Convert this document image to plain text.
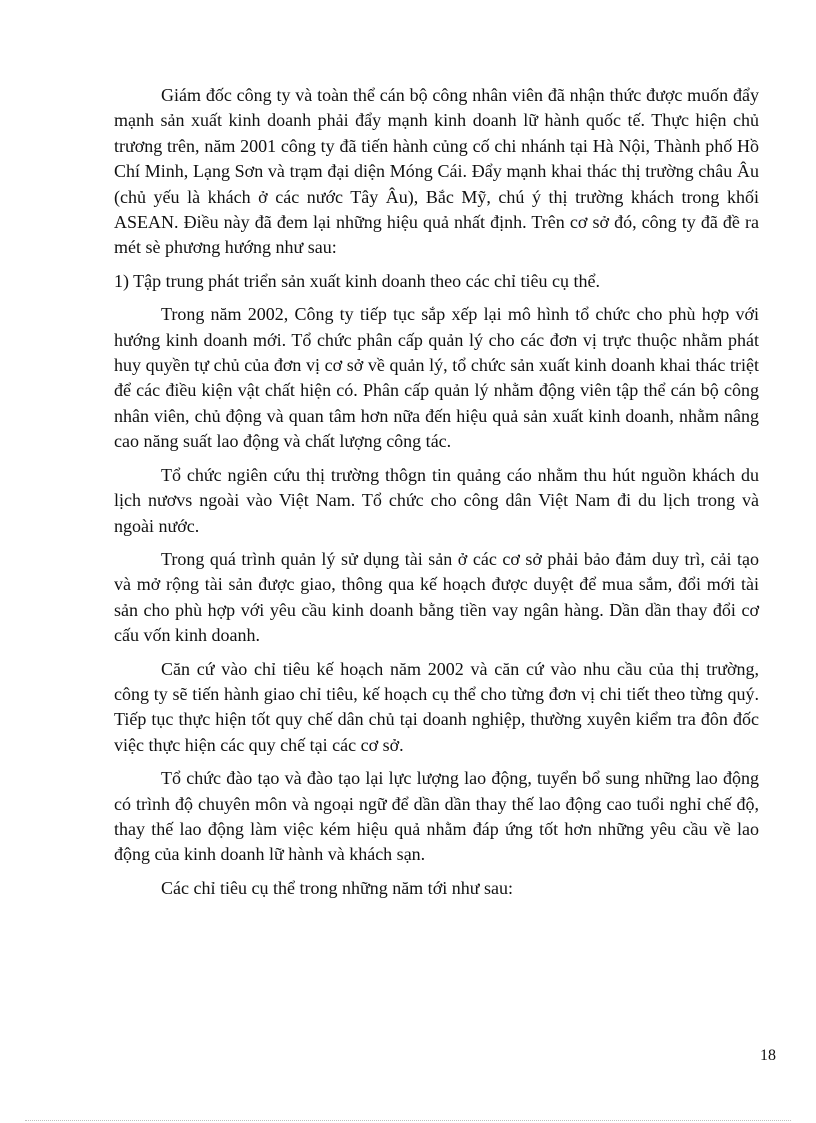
Giám đốc công ty và toàn thể cán bộ công nhân viên đã nhận thức được muốn đẩy mạnh sản xuất kinh doanh phải đẩy mạnh kinh doanh lữ hành quốc tế. Thực hiện chủ trương trên, năm 2001 công ty đã tiến hành củng cố chi nhánh tại Hà Nội, Thành phố Hồ Chí Minh, Lạng Sơn và trạm đại diện Móng Cái. Đẩy mạnh khai thác thị trường châu Âu (chủ yếu là khách ở các nước Tây Âu), Bắc Mỹ, chú ý thị trường khách trong khối ASEAN. Điều này đã đem lại những hiệu quả nhất định. Trên cơ sở đó, công ty đã đề ra mét sè phương hướng như sau:

1) Tập trung phát triển sản xuất kinh doanh theo các chỉ tiêu cụ thể.

Trong năm 2002, Công ty tiếp tục sắp xếp lại mô hình tổ chức cho phù hợp với hướng kinh doanh mới. Tổ chức phân cấp quản lý cho các đơn vị trực thuộc nhằm phát huy quyền tự chủ của đơn vị cơ sở về quản lý, tổ chức sản xuất kinh doanh khai thác triệt để các điều kiện vật chất hiện có. Phân cấp quản lý nhằm động viên tập thể cán bộ công nhân viên, chủ động và quan tâm hơn nữa đến hiệu quả sản xuất kinh doanh, nhằm nâng cao năng suất lao động và chất lượng công tác.

Tổ chức ngiên cứu thị trường thôgn tin quảng cáo nhằm thu hút nguồn khách du lịch nươvs ngoài vào Việt Nam. Tổ chức cho công dân Việt Nam đi du lịch trong và ngoài nước.

Trong quá trình quản lý sử dụng tài sản ở các cơ sở phải bảo đảm duy trì, cải tạo và mở rộng tài sản được giao, thông qua kế hoạch được duyệt để mua sắm, đổi mới tài sản cho phù hợp với yêu cầu kinh doanh bằng tiền vay ngân hàng. Dần dần thay đổi cơ cấu vốn kinh doanh.

Căn cứ vào chỉ tiêu kế hoạch năm 2002 và căn cứ vào nhu cầu của thị trường, công ty sẽ tiến hành giao chỉ tiêu, kế hoạch cụ thể cho từng đơn vị chi tiết theo từng quý. Tiếp tục thực hiện tốt quy chế dân chủ tại doanh nghiệp, thường xuyên kiểm tra đôn đốc việc thực hiện các quy chế tại các cơ sở.

Tổ chức đào tạo và đào tạo lại lực lượng lao động, tuyển bổ sung những lao động có trình độ chuyên môn và ngoại ngữ để dần dần thay thế lao động cao tuổi nghỉ chế độ, thay thế lao động làm việc kém hiệu quả nhằm đáp ứng tốt hơn những yêu cầu về lao động của kinh doanh lữ hành và khách sạn.

Các chỉ tiêu cụ thể trong những năm tới như sau:

18
